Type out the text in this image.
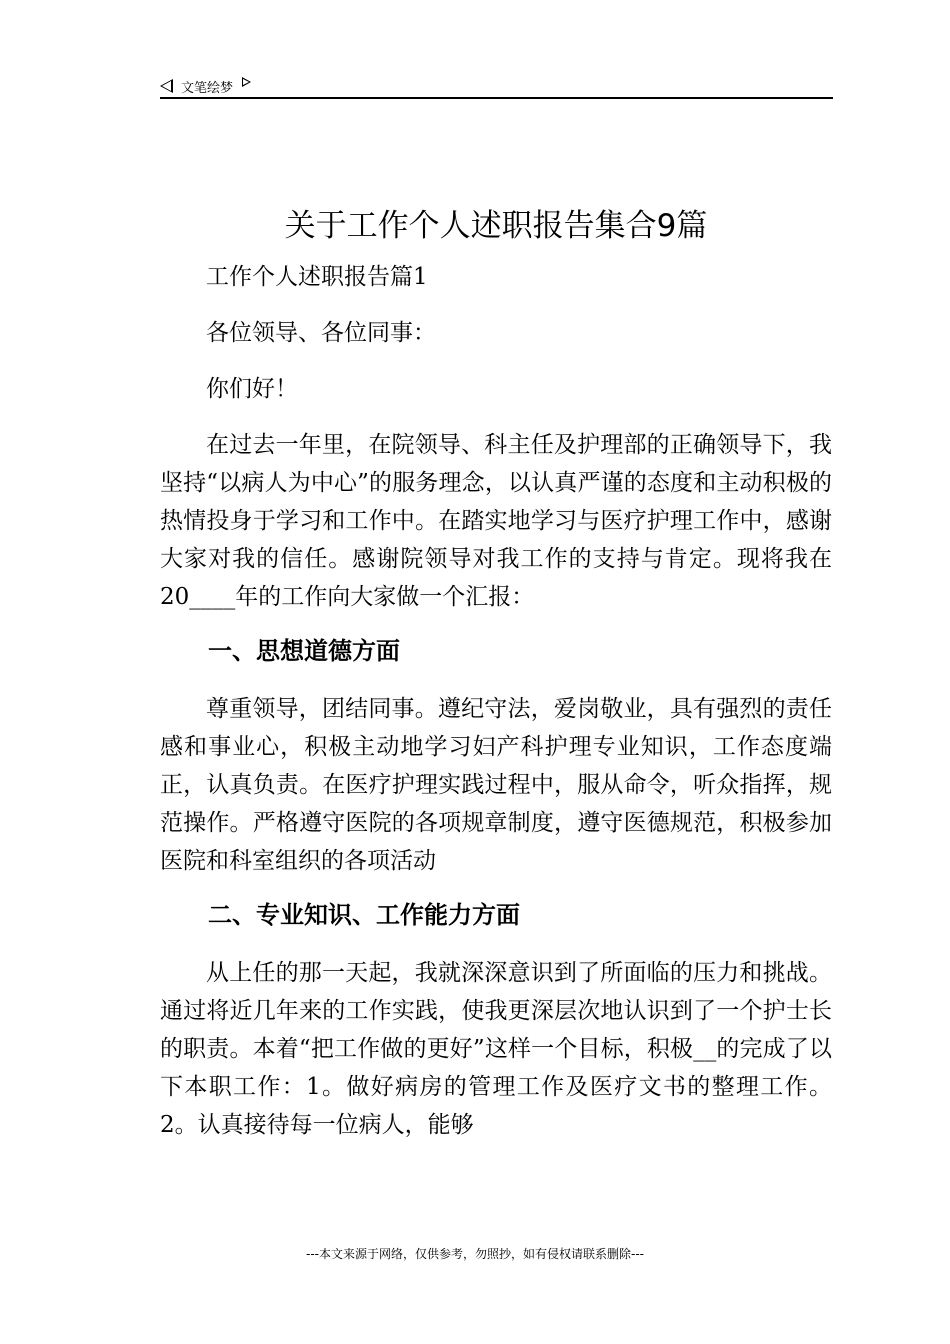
文笔绘梦
关于工作个人述职报告集合9篇

工作个人述职报告篇1

各位领导、各位同事：

你们好！

在过去一年里，在院领导、科主任及护理部的正确领导下，我坚持“以病人为中心”的服务理念，以认真严谨的态度和主动积极的热情投身于学习和工作中。在踏实地学习与医疗护理工作中，感谢大家对我的信任。感谢院领导对我工作的支持与肯定。现将我在20____年的工作向大家做一个汇报：

一、思想道德方面

尊重领导，团结同事。遵纪守法，爱岗敬业，具有强烈的责任感和事业心，积极主动地学习妇产科护理专业知识，工作态度端正，认真负责。在医疗护理实践过程中，服从命令，听众指挥，规范操作。严格遵守医院的各项规章制度，遵守医德规范，积极参加医院和科室组织的各项活动

二、专业知识、工作能力方面

从上任的那一天起，我就深深意识到了所面临的压力和挑战。通过将近几年来的工作实践，使我更深层次地认识到了一个护士长的职责。本着“把工作做的更好”这样一个目标，积极__的完成了以下本职工作：1。做好病房的管理工作及医疗文书的整理工作。2。认真接待每一位病人，能够

---本文来源于网络，仅供参考，勿照抄，如有侵权请联系删除---
